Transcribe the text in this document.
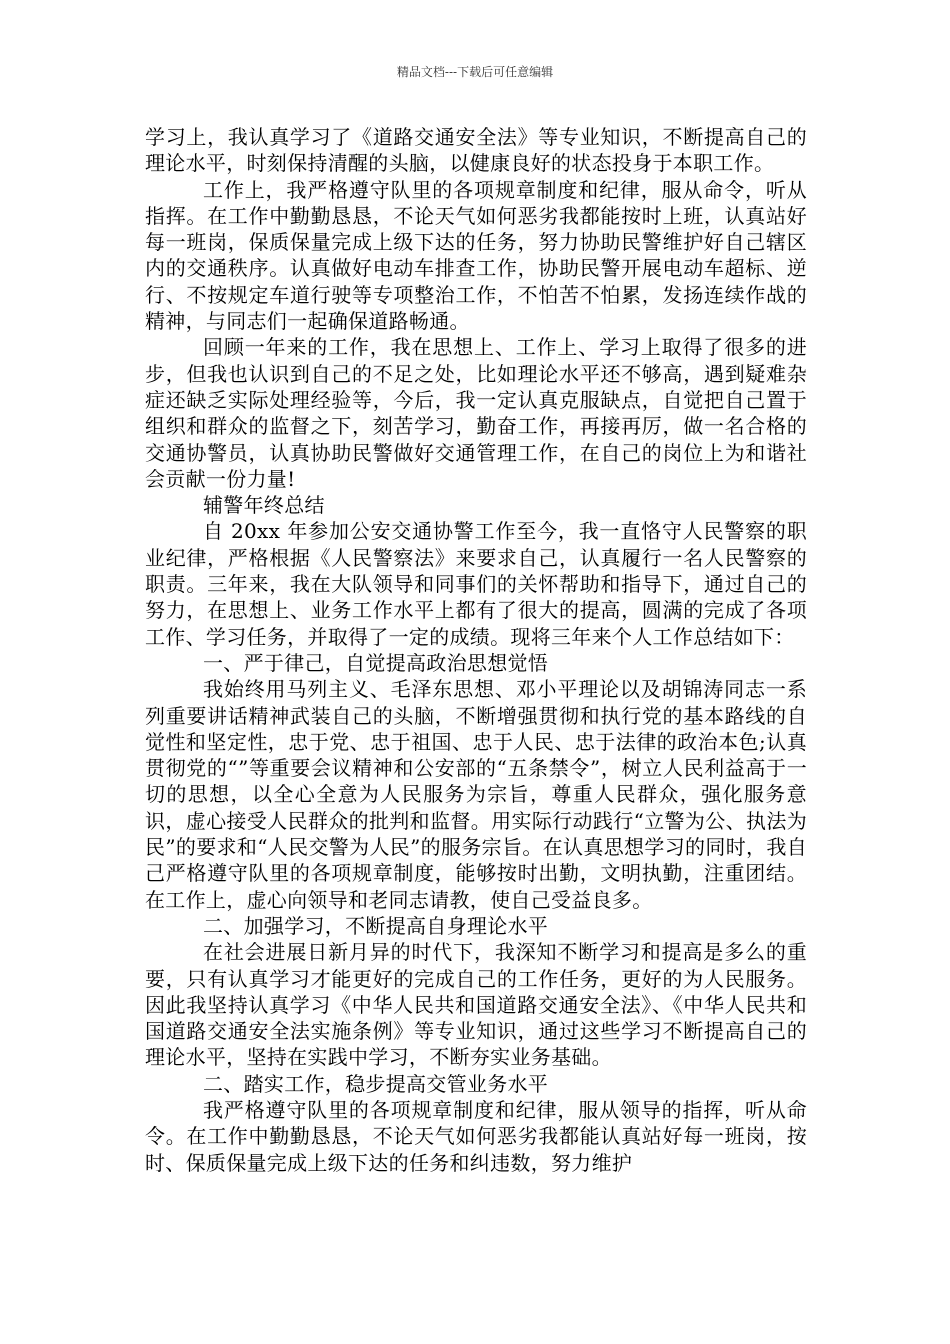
精品文档---下载后可任意编辑

学习上，我认真学习了《道路交通安全法》等专业知识，不断提高自己的理论水平，时刻保持清醒的头脑，以健康良好的状态投身于本职工作。

工作上，我严格遵守队里的各项规章制度和纪律，服从命令，听从指挥。在工作中勤勤恳恳，不论天气如何恶劣我都能按时上班，认真站好每一班岗，保质保量完成上级下达的任务，努力协助民警维护好自己辖区内的交通秩序。认真做好电动车排查工作，协助民警开展电动车超标、逆行、不按规定车道行驶等专项整治工作，不怕苦不怕累，发扬连续作战的精神，与同志们一起确保道路畅通。

回顾一年来的工作，我在思想上、工作上、学习上取得了很多的进步，但我也认识到自己的不足之处，比如理论水平还不够高，遇到疑难杂症还缺乏实际处理经验等，今后，我一定认真克服缺点，自觉把自己置于组织和群众的监督之下，刻苦学习，勤奋工作，再接再厉，做一名合格的交通协警员，认真协助民警做好交通管理工作，在自己的岗位上为和谐社会贡献一份力量!

辅警年终总结

自 20xx 年参加公安交通协警工作至今，我一直恪守人民警察的职业纪律，严格根据《人民警察法》来要求自己，认真履行一名人民警察的职责。三年来，我在大队领导和同事们的关怀帮助和指导下，通过自己的努力，在思想上、业务工作水平上都有了很大的提高，圆满的完成了各项工作、学习任务，并取得了一定的成绩。现将三年来个人工作总结如下：

一、严于律己，自觉提高政治思想觉悟

我始终用马列主义、毛泽东思想、邓小平理论以及胡锦涛同志一系列重要讲话精神武装自己的头脑，不断增强贯彻和执行党的基本路线的自觉性和坚定性，忠于党、忠于祖国、忠于人民、忠于法律的政治本色;认真贯彻党的“”等重要会议精神和公安部的“五条禁令”，树立人民利益高于一切的思想，以全心全意为人民服务为宗旨，尊重人民群众，强化服务意识，虚心接受人民群众的批判和监督。用实际行动践行“立警为公、执法为民”的要求和“人民交警为人民”的服务宗旨。在认真思想学习的同时，我自己严格遵守队里的各项规章制度，能够按时出勤，文明执勤，注重团结。在工作上，虚心向领导和老同志请教，使自己受益良多。

二、加强学习，不断提高自身理论水平

在社会进展日新月异的时代下，我深知不断学习和提高是多么的重要，只有认真学习才能更好的完成自己的工作任务，更好的为人民服务。因此我坚持认真学习《中华人民共和国道路交通安全法》、《中华人民共和国道路交通安全法实施条例》等专业知识，通过这些学习不断提高自己的理论水平，坚持在实践中学习，不断夯实业务基础。

二、踏实工作，稳步提高交管业务水平

我严格遵守队里的各项规章制度和纪律，服从领导的指挥，听从命令。在工作中勤勤恳恳，不论天气如何恶劣我都能认真站好每一班岗，按时、保质保量完成上级下达的任务和纠违数，努力维护
